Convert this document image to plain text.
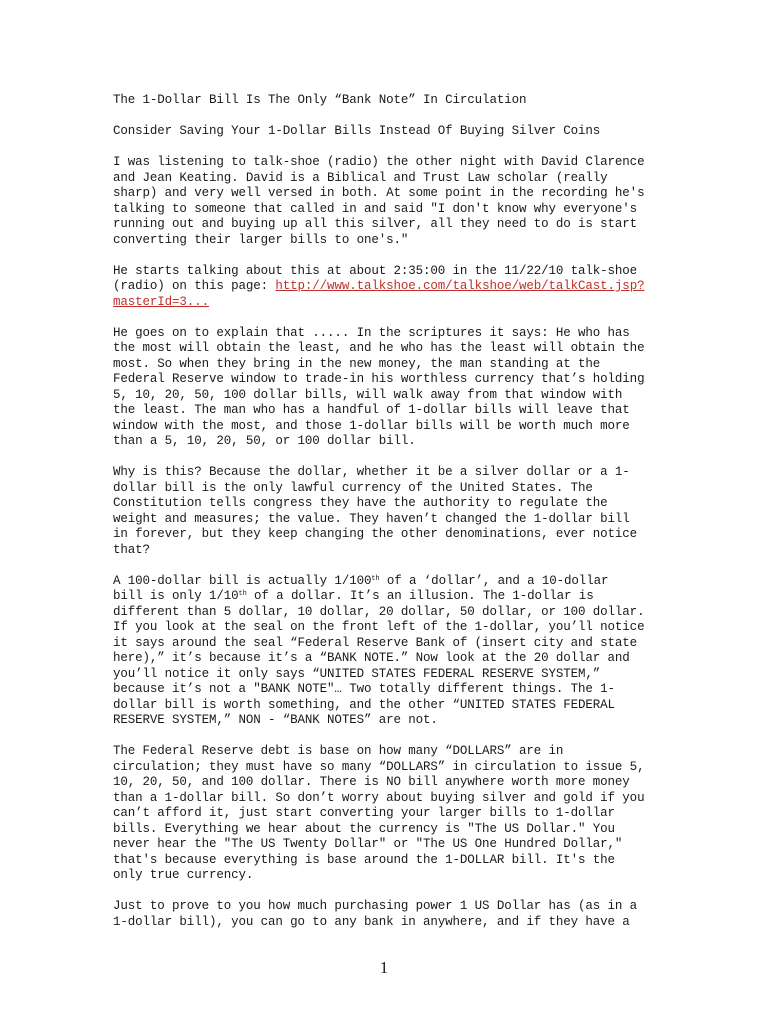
The 1-Dollar Bill Is The Only “Bank Note” In Circulation

Consider Saving Your 1-Dollar Bills Instead Of Buying Silver Coins

I was listening to talk-shoe (radio) the other night with David Clarence
and Jean Keating. David is a Biblical and Trust Law scholar (really
sharp) and very well versed in both. At some point in the recording he's
talking to someone that called in and said "I don't know why everyone's
running out and buying up all this silver, all they need to do is start
converting their larger bills to one's."

He starts talking about this at about 2:35:00 in the 11/22/10 talk-shoe
(radio) on this page: http://www.talkshoe.com/talkshoe/web/talkCast.jsp?
masterId=3...

He goes on to explain that ..... In the scriptures it says: He who has
the most will obtain the least, and he who has the least will obtain the
most. So when they bring in the new money, the man standing at the
Federal Reserve window to trade-in his worthless currency that’s holding
5, 10, 20, 50, 100 dollar bills, will walk away from that window with
the least. The man who has a handful of 1-dollar bills will leave that
window with the most, and those 1-dollar bills will be worth much more
than a 5, 10, 20, 50, or 100 dollar bill.

Why is this? Because the dollar, whether it be a silver dollar or a 1-
dollar bill is the only lawful currency of the United States. The
Constitution tells congress they have the authority to regulate the
weight and measures; the value. They haven’t changed the 1-dollar bill
in forever, but they keep changing the other denominations, ever notice
that?

A 100-dollar bill is actually 1/100th of a ‘dollar’, and a 10-dollar
bill is only 1/10th of a dollar. It’s an illusion. The 1-dollar is
different than 5 dollar, 10 dollar, 20 dollar, 50 dollar, or 100 dollar.
If you look at the seal on the front left of the 1-dollar, you’ll notice
it says around the seal “Federal Reserve Bank of (insert city and state
here),” it’s because it’s a “BANK NOTE.” Now look at the 20 dollar and
you’ll notice it only says “UNITED STATES FEDERAL RESERVE SYSTEM,”
because it’s not a "BANK NOTE"… Two totally different things. The 1-
dollar bill is worth something, and the other “UNITED STATES FEDERAL
RESERVE SYSTEM,” NON - “BANK NOTES” are not.

The Federal Reserve debt is base on how many “DOLLARS” are in
circulation; they must have so many “DOLLARS” in circulation to issue 5,
10, 20, 50, and 100 dollar. There is NO bill anywhere worth more money
than a 1-dollar bill. So don’t worry about buying silver and gold if you
can’t afford it, just start converting your larger bills to 1-dollar
bills. Everything we hear about the currency is "The US Dollar." You
never hear the "The US Twenty Dollar" or "The US One Hundred Dollar,"
that's because everything is base around the 1-DOLLAR bill. It's the
only true currency.

Just to prove to you how much purchasing power 1 US Dollar has (as in a
1-dollar bill), you can go to any bank in anywhere, and if they have a

1
